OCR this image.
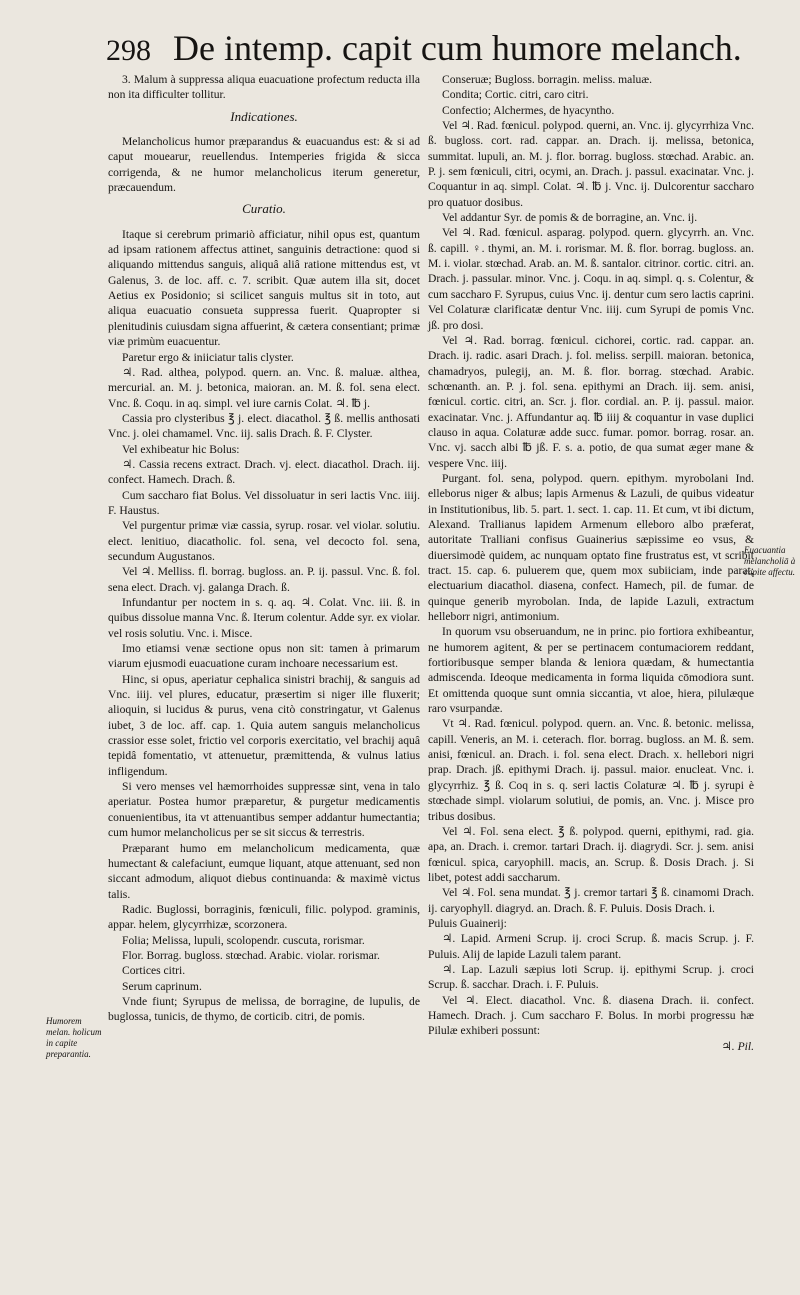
298 De intemp. capit cum humore melanch.

3. Malum à suppressa aliqua euacuatione profectum reducta illa non ita difficulter tollitur.

Indicationes.

Melancholicus humor præparandus & euacuandus est: & si ad caput mouearur, reuellendus. Intemperies frigida & sicca corrigenda, & ne humor melancholicus iterum generetur, præcauendum.

Curatio.

Itaque si cerebrum primariò afficiatur, nihil opus est, quantum ad ipsam rationem affectus attinet, sanguinis detractione: quod si aliquando mittendus sanguis, aliquâ aliâ ratione mittendus est, vt Galenus, 3. de loc. aff. c. 7. scribit. Quæ autem illa sit, docet Aetius ex Posidonio; si scilicet sanguis multus sit in toto, aut aliqua euacuatio consueta suppressa fuerit. Quapropter si plenitudinis cuiusdam signa affuerint, & cætera consentiant; primæ viæ primùm euacuentur.

Paretur ergo & iniiciatur talis clyster.

♃. Rad. althea, polypod. quern. an. Vnc. ß. maluæ. althea, mercurial. an. M. j. betonica, maioran. an. M. ß. fol. sena elect. Vnc. ß. Coqu. in aq. simpl. vel iure carnis Colat. ♃. ℔ j.

Cassia pro clysteribus ℥ j. elect. diacathol. ℥ ß. mellis anthosati Vnc. j. olei chamamel. Vnc. iij. salis Drach. ß. F. Clyster.

Vel exhibeatur hic Bolus:

♃. Cassia recens extract. Drach. vj. elect. diacathol. Drach. iij. confect. Hamech. Drach. ß.

Cum saccharo fiat Bolus. Vel dissoluatur in seri lactis Vnc. iiij. F. Haustus.

Vel purgentur primæ viæ cassia, syrup. rosar. vel violar. solutiu. elect. lenitiuo, diacatholic. fol. sena, vel decocto fol. sena, secundum Augustanos.

Vel ♃. Melliss. fl. borrag. bugloss. an. P. ij. passul. Vnc. ß. fol. sena elect. Drach. vj. galanga Drach. ß.

Infundantur per noctem in s. q. aq. ♃. Colat. Vnc. iii. ß. in quibus dissolue manna Vnc. ß. Iterum colentur. Adde syr. ex violar. vel rosis solutiu. Vnc. i. Misce.

Imo etiamsi venæ sectione opus non sit: tamen à primarum viarum ejusmodi euacuatione curam inchoare necessarium est.

Hinc, si opus, aperiatur cephalica sinistri brachij, & sanguis ad Vnc. iiij. vel plures, educatur, præsertim si niger ille fluxerit; alioquin, si lucidus & purus, vena citò constringatur, vt Galenus iubet, 3 de loc. aff. cap. 1. Quia autem sanguis melancholicus crassior esse solet, frictio vel corporis exercitatio, vel brachij aquâ tepidâ fomentatio, vt attenuetur, præmittenda, & vulnus latius infligendum.

Si vero menses vel hæmorrhoides suppressæ sint, vena in talo aperiatur. Postea humor præparetur, & purgetur medicamentis conuenientibus, ita vt attenuantibus semper addantur humectantia; cum humor melancholicus per se sit siccus & terrestris.

Præparant humo em melancholicum medicamenta, quæ humectant & calefaciunt, eumque liquant, atque attenuant, sed non siccant admodum, aliquot diebus continuanda: & maximè victus talis.

Radic. Buglossi, borraginis, fœniculi, filic. polypod. graminis, appar. helem, glycyrrhizæ, scorzonera.

Folia; Melissa, lupuli, scolopendr. cuscuta, rorismar.

Flor. Borrag. bugloss. stœchad. Arabic. violar. rorismar.

Cortices citri.

Serum caprinum.

Vnde fiunt; Syrupus de melissa, de borragine, de lupulis, de buglossa, tunicis, de thymo, de corticib. citri, de pomis.

Conseruæ; Bugloss. borragin. meliss. maluæ.

Condita; Cortic. citri, caro citri.

Confectio; Alchermes, de hyacyntho.

Vel ♃. Rad. fœnicul. polypod. querni, an. Vnc. ij. glycyrrhiza Vnc. ß. bugloss. cort. rad. cappar. an. Drach. ij. melissa, betonica, summitat. lupuli, an. M. j. flor. borrag. bugloss. stœchad. Arabic. an. P. j. sem fœniculi, citri, ocymi, an. Drach. j. passul. exacinatar. Vnc. j. Coquantur in aq. simpl. Colat. ♃. ℔ j. Vnc. ij. Dulcorentur saccharo pro quatuor dosibus.

Vel addantur Syr. de pomis & de borragine, an. Vnc. ij.

Vel ♃. Rad. fœnicul. asparag. polypod. quern. glycyrrh. an. Vnc. ß. capill. ♀. thymi, an. M. i. rorismar. M. ß. flor. borrag. bugloss. an. M. i. violar. stœchad. Arab. an. M. ß. santalor. citrinor. cortic. citri. an. Drach. j. passular. minor. Vnc. j. Coqu. in aq. simpl. q. s. Colentur, & cum saccharo F. Syrupus, cuius Vnc. ij. dentur cum sero lactis caprini. Vel Colaturæ clarificatæ dentur Vnc. iiij. cum Syrupi de pomis Vnc. jß. pro dosi.

Vel ♃. Rad. borrag. fœnicul. cichorei, cortic. rad. cappar. an. Drach. ij. radic. asari Drach. j. fol. meliss. serpill. maioran. betonica, chamadryos, pulegij, an. M. ß. flor. borrag. stœchad. Arabic. schœnanth. an. P. j. fol. sena. epithymi an Drach. iij. sem. anisi, fœnicul. cortic. citri, an. Scr. j. flor. cordial. an. P. ij. passul. maior. exacinatar. Vnc. j. Affundantur aq. ℔ iiij & coquantur in vase duplici clauso in aqua. Colaturæ adde succ. fumar. pomor. borrag. rosar. an. Vnc. vj. sacch albi ℔ jß. F. s. a. potio, de qua sumat æger mane & vespere Vnc. iiij.

Purgant. fol. sena, polypod. quern. epithym. myrobolani Ind. elleborus niger & albus; lapis Armenus & Lazuli, de quibus videatur in Institutionibus, lib. 5. part. 1. sect. 1. cap. 11. Et cum, vt ibi dictum, Alexand. Trallianus lapidem Armenum elleboro albo præferat, autoritate Tralliani confisus Guainerius sæpissime eo vsus, & diuersimodè quidem, ac nunquam optato fine frustratus est, vt scribit tract. 15. cap. 6. puluerem que, quem mox subiiciam, inde parat; electuarium diacathol. diasena, confect. Hamech, pil. de fumar. de quinque generib myrobolan. Inda, de lapide Lazuli, extractum helleborr nigri, antimonium.

In quorum vsu obseruandum, ne in princ. pio fortiora exhibeantur, ne humorem agitent, & per se pertinacem contumaciorem reddant, fortioribusque semper blanda & leniora quædam, & humectantia admiscenda. Ideoque medicamenta in forma liquida cōmodiora sunt. Et omittenda quoque sunt omnia siccantia, vt aloe, hiera, pilulæque raro vsurpandæ.

Vt ♃. Rad. fœnicul. polypod. quern. an. Vnc. ß. betonic. melissa, capill. Veneris, an M. i. ceterach. flor. borrag. bugloss. an M. ß. sem. anisi, fœnicul. an. Drach. i. fol. sena elect. Drach. x. hellebori nigri prap. Drach. jß. epithymi Drach. ij. passul. maior. enucleat. Vnc. i. glycyrrhiz. ℥ ß. Coq in s. q. seri lactis Colaturæ ♃. ℔ j. syrupi è stœchade simpl. violarum solutiui, de pomis, an. Vnc. j. Misce pro tribus dosibus.

Vel ♃. Fol. sena elect. ℥ ß. polypod. querni, epithymi, rad. gia. apa, an. Drach. i. cremor. tartari Drach. ij. diagrydi. Scr. j. sem. anisi fœnicul. spica, caryophill. macis, an. Scrup. ß. Dosis Drach. j. Si libet, potest addi saccharum.

Vel ♃. Fol. sena mundat. ℥ j. cremor tartari ℥ ß. cinamomi Drach. ij. caryophyll. diagryd. an. Drach. ß. F. Puluis. Dosis Drach. i.

Puluis Guainerij:

♃. Lapid. Armeni Scrup. ij. croci Scrup. ß. macis Scrup. j. F. Puluis. Alij de lapide Lazuli talem parant.

♃. Lap. Lazuli sæpius loti Scrup. ij. epithymi Scrup. j. croci Scrup. ß. sacchar. Drach. i. F. Puluis.

Vel ♃. Elect. diacathol. Vnc. ß. diasena Drach. ii. confect. Hamech. Drach. j. Cum saccharo F. Bolus. In morbi progressu hæ Pilulæ exhiberi possunt:

♃. Pil.

Humorem melan. holicum in capite preparantia.
Euacuantia melancholiā à capite affectu.
